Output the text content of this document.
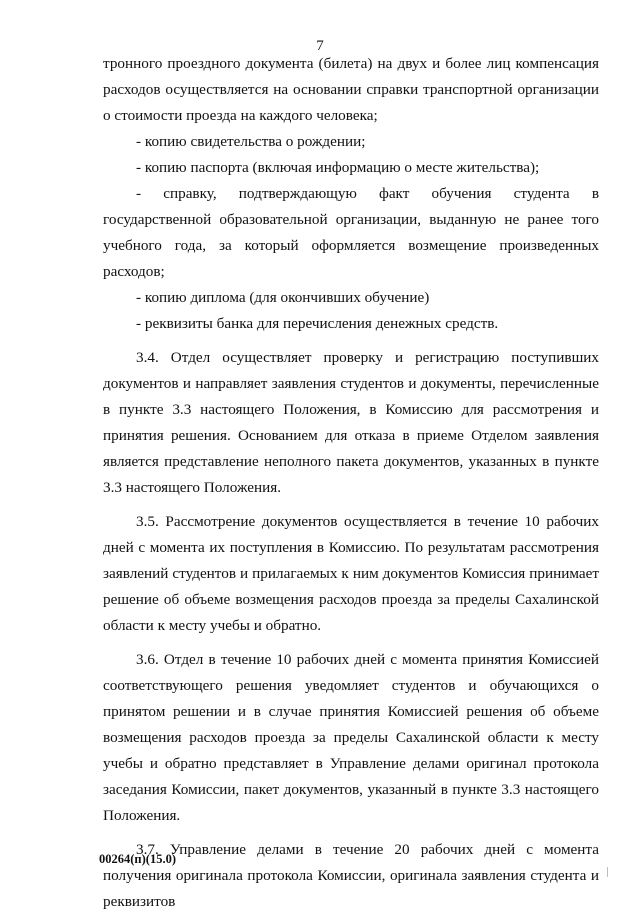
7

тронного проездного документа (билета) на двух и более лиц компенсация расходов осуществляется на основании справки транспортной организации о стоимости проезда на каждого человека;

- копию свидетельства о рождении;

- копию паспорта (включая информацию о месте жительства);

- справку, подтверждающую факт обучения студента в государственной образовательной организации, выданную не ранее того учебного года, за который оформляется возмещение произведенных расходов;

- копию диплома (для окончивших обучение)

- реквизиты банка для перечисления денежных средств.

3.4. Отдел осуществляет проверку и регистрацию поступивших документов и направляет заявления студентов и документы, перечисленные в пункте 3.3 настоящего Положения, в Комиссию для рассмотрения и принятия решения. Основанием для отказа в приеме Отделом заявления является представление неполного пакета документов, указанных в пункте 3.3 настоящего Положения.

3.5. Рассмотрение документов осуществляется в течение 10 рабочих дней с момента их поступления в Комиссию. По результатам рассмотрения заявлений студентов и прилагаемых к ним документов Комиссия принимает решение об объеме возмещения расходов проезда за пределы Сахалинской области к месту учебы и обратно.

3.6. Отдел в течение 10 рабочих дней с момента принятия Комиссией соответствующего решения уведомляет студентов и обучающихся о принятом решении и в случае принятия Комиссией решения об объеме возмещения расходов проезда за пределы Сахалинской области к месту учебы и обратно представляет в Управление делами оригинал протокола заседания Комиссии, пакет документов, указанный в пункте 3.3 настоящего Положения.

3.7. Управление делами в течение 20 рабочих дней с момента получения оригинала протокола Комиссии, оригинала заявления студента и реквизитов

00264(п)(15.0)
